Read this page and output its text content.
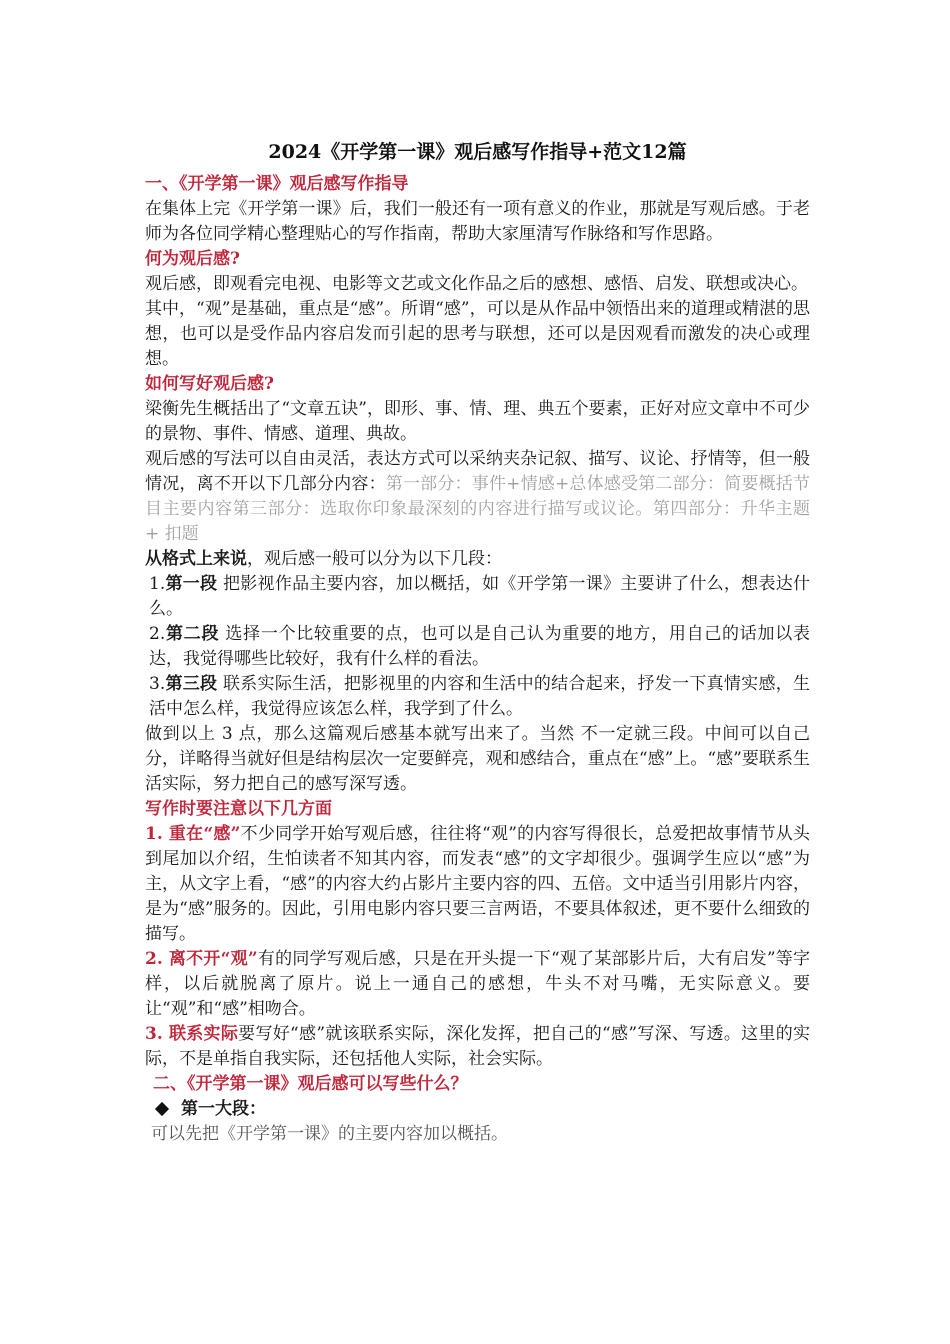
2024《开学第一课》观后感写作指导+范文12篇
一、《开学第一课》观后感写作指导

在集体上完《开学第一课》后，我们一般还有一项有意义的作业，那就是写观后感。于老师为各位同学精心整理贴心的写作指南，帮助大家厘清写作脉络和写作思路。

何为观后感?

观后感，即观看完电视、电影等文艺或文化作品之后的感想、感悟、启发、联想或决心。

其中，“观”是基础，重点是“感”。所谓“感”，可以是从作品中领悟出来的道理或精湛的思想，也可以是受作品内容启发而引起的思考与联想，还可以是因观看而激发的决心或理想。

如何写好观后感?

梁衡先生概括出了“文章五诀”，即形、事、情、理、典五个要素，正好对应文章中不可少的景物、事件、情感、道理、典故。

观后感的写法可以自由灵活，表达方式可以采纳夹杂记叙、描写、议论、抒情等，但一般情况，离不开以下几部分内容：第一部分：事件+情感+总体感受第二部分：简要概括节目主要内容第三部分：选取你印象最深刻的内容进行描写或议论。第四部分：升华主题 + 扣题

从格式上来说，观后感一般可以分为以下几段：

1.第一段 把影视作品主要内容，加以概括，如《开学第一课》主要讲了什么，想表达什么。

2.第二段 选择一个比较重要的点，也可以是自己认为重要的地方，用自己的话加以表达，我觉得哪些比较好，我有什么样的看法。

3.第三段 联系实际生活，把影视里的内容和生活中的结合起来，抒发一下真情实感，生活中怎么样，我觉得应该怎么样，我学到了什么。

做到以上 3 点，那么这篇观后感基本就写出来了。当然 不一定就三段。中间可以自己分，详略得当就好但是结构层次一定要鲜亮，观和感结合，重点在“感”上。“感”要联系生活实际，努力把自己的感写深写透。

写作时要注意以下几方面

1. 重在“感”不少同学开始写观后感，往往将“观”的内容写得很长，总爱把故事情节从头到尾加以介绍，生怕读者不知其内容，而发表“感”的文字却很少。强调学生应以“感”为主，从文字上看，“感”的内容大约占影片主要内容的四、五倍。文中适当引用影片内容，是为“感”服务的。因此，引用电影内容只要三言两语，不要具体叙述，更不要什么细致的描写。

2. 离不开“观”有的同学写观后感，只是在开头提一下“观了某部影片后，大有启发”等字样，以后就脱离了原片。说上一通自己的感想，牛头不对马嘴，无实际意义。要让“观”和“感”相吻合。

3. 联系实际要写好“感”就该联系实际，深化发挥，把自己的“感”写深、写透。这里的实际，不是单指自我实际，还包括他人实际，社会实际。

二、《开学第一课》观后感可以写些什么？
第一大段：

可以先把《开学第一课》的主要内容加以概括。
